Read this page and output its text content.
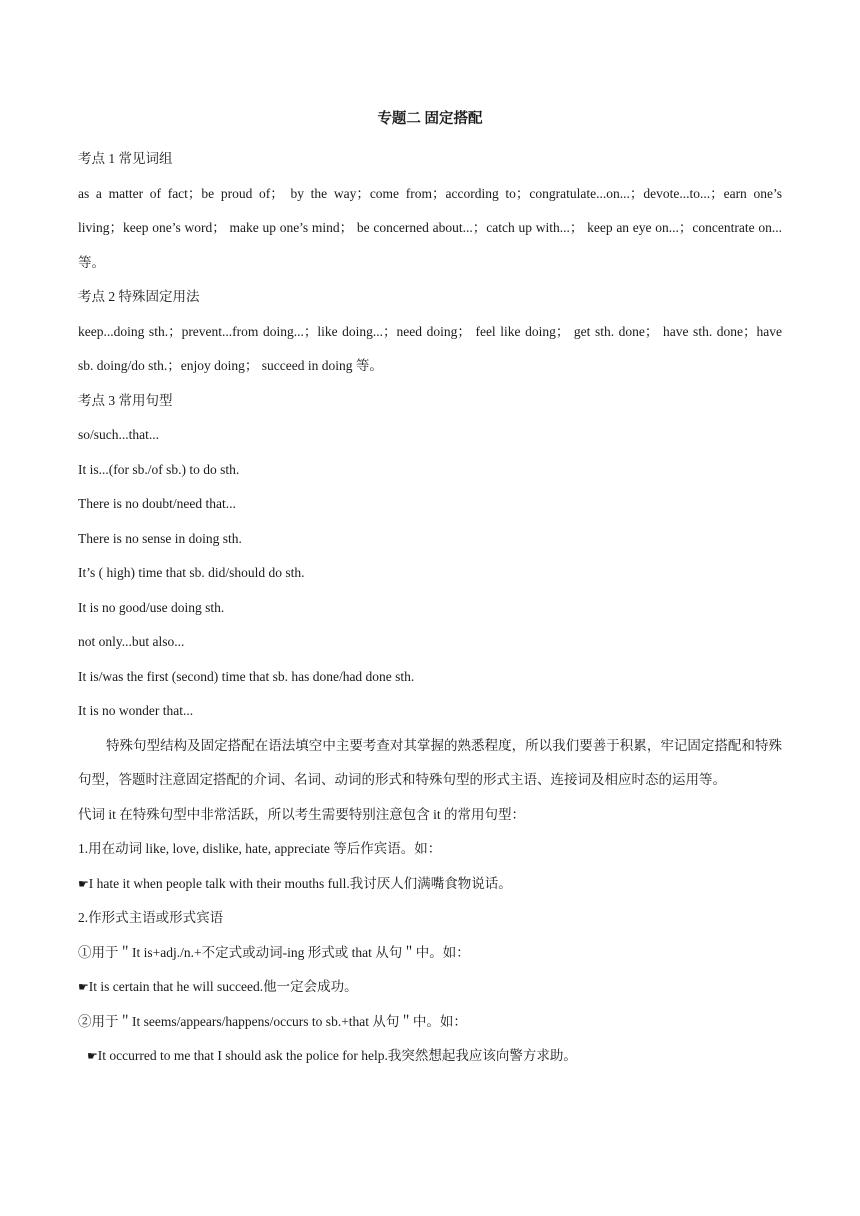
专题二 固定搭配
考点 1 常见词组
as a matter of fact；be proud of； by the way；come from；according to；congratulate...on...；devote...to...；earn one’s living；keep one’s word； make up one’s mind； be concerned about...；catch up with...； keep an eye on...；concentrate on...等。
考点 2 特殊固定用法
keep...doing sth.；prevent...from doing...；like doing...；need doing； feel like doing； get sth. done； have sth. done；have sb. doing/do sth.；enjoy doing； succeed in doing 等。
考点 3 常用句型
so/such...that...
It is...(for sb./of sb.) to do sth.
There is no doubt/need that...
There is no sense in doing sth.
It’s ( high) time that sb. did/should do sth.
It is no good/use doing sth.
not only...but also...
It is/was the first (second) time that sb. has done/had done sth.
It is no wonder that...
特殊句型结构及固定搭配在语法填空中主要考查对其掌握的熟悉程度，所以我们要善于积累，牢记固定搭配和特殊句型，答题时注意固定搭配的介词、名词、动词的形式和特殊句型的形式主语、连接词及相应时态的运用等。
代词 it 在特殊句型中非常活跃，所以考生需要特别注意包含 it 的常用句型：
1.用在动词 like, love, dislike, hate, appreciate 等后作宾语。如：
☛I hate it when people talk with their mouths full.我讨厌人们满嘴食物说话。
2.作形式主语或形式宾语
①用于＂It is+adj./n.+不定式或动词-ing 形式或 that 从句＂中。如：
☛It is certain that he will succeed.他一定会成功。
②用于＂It seems/appears/happens/occurs to sb.+that 从句＂中。如：
☛It occurred to me that I should ask the police for help.我突然想起我应该向警方求助。
